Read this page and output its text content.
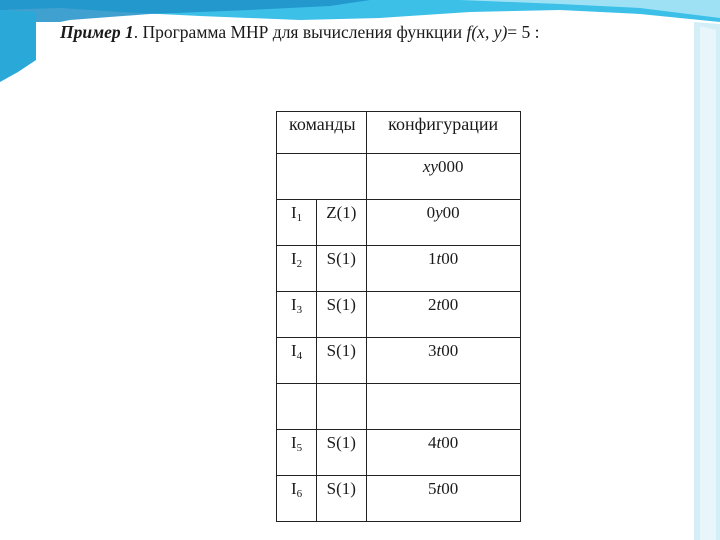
Пример 1. Программа МНР для вычисления функции f(x, y)= 5 :
команды		конфигурации
		xy000
$I_1$	Z(1)	0y00
$I_2$	S(1)	1t00
$I_3$	S(1)	2t00
$I_4$	S(1)	3t00

$I_5$	S(1)	4t00
$I_6$	S(1)	5t00
